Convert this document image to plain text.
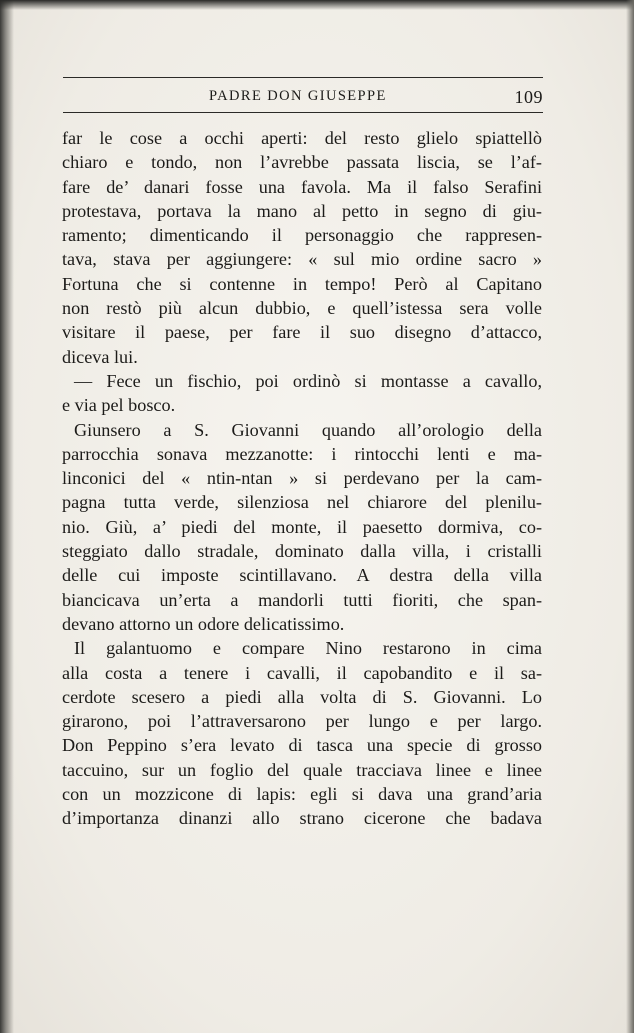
PADRE DON GIUSEPPE	109
far le cose a occhi aperti: del resto glielo spiattellò
chiaro e tondo, non l’avrebbe passata liscia, se l’af-
fare de’ danari fosse una favola. Ma il falso Serafini
protestava, portava la mano al petto in segno di giu-
ramento; dimenticando il personaggio che rappresen-
tava, stava per aggiungere: « sul mio ordine sacro »
Fortuna che si contenne in tempo! Però al Capitano
non restò più alcun dubbio, e quell’istessa sera volle
visitare il paese, per fare il suo disegno d’attacco,
diceva lui.
— Fece un fischio, poi ordinò si montasse a cavallo,
e via pel bosco.
Giunsero a S. Giovanni quando all’orologio della
parrocchia sonava mezzanotte: i rintocchi lenti e ma-
linconici del « ntin-ntan » si perdevano per la cam-
pagna tutta verde, silenziosa nel chiarore del plenilu-
nio. Giù, a’ piedi del monte, il paesetto dormiva, co-
steggiato dallo stradale, dominato dalla villa, i cristalli
delle cui imposte scintillavano. A destra della villa
biancicava un’erta a mandorli tutti fioriti, che span-
devano attorno un odore delicatissimo.
Il galantuomo e compare Nino restarono in cima
alla costa a tenere i cavalli, il capobandito e il sa-
cerdote scesero a piedi alla volta di S. Giovanni. Lo
girarono, poi l’attraversarono per lungo e per largo.
Don Peppino s’era levato di tasca una specie di grosso
taccuino, sur un foglio del quale tracciava linee e linee
con un mozzicone di lapis: egli si dava una grand’aria
d’importanza dinanzi allo strano cicerone che badava
